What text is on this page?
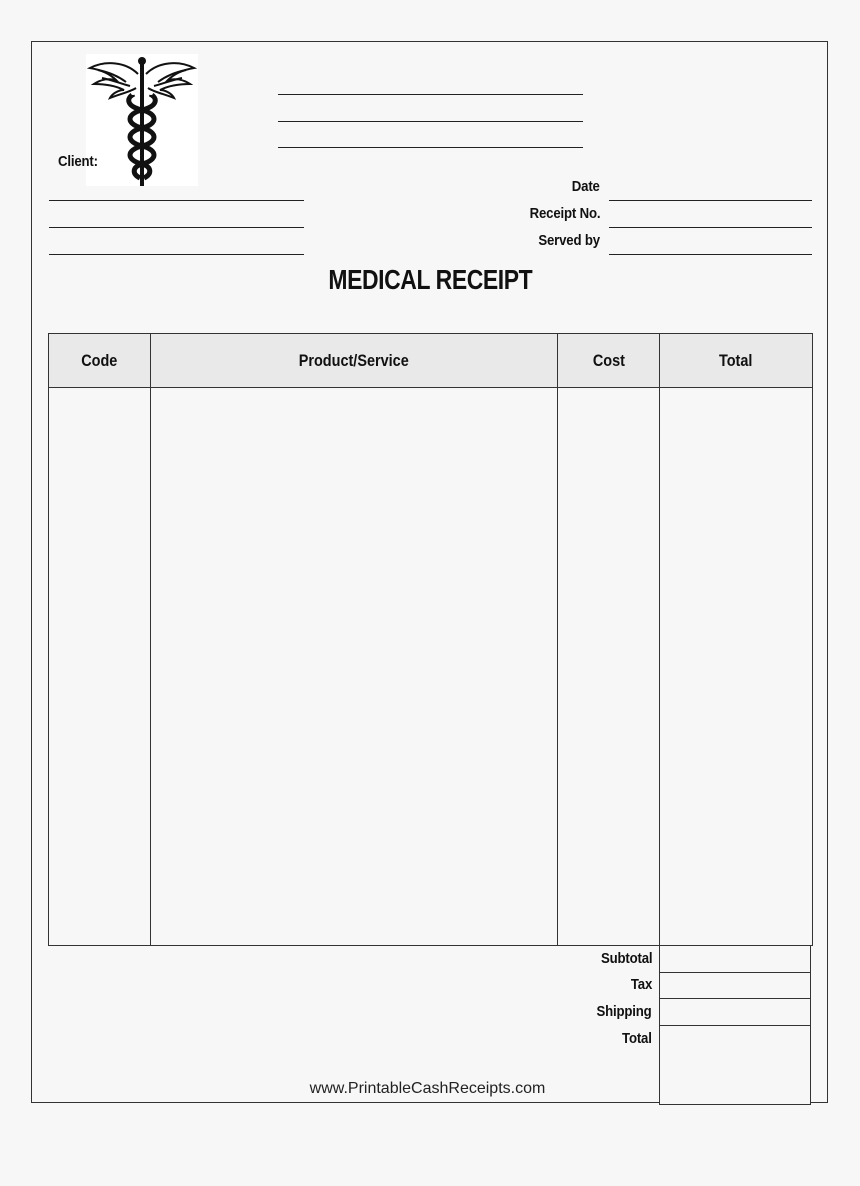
Client:
Date
Receipt No.
Served by
MEDICAL RECEIPT
Code	Product/Service	Cost	Total

Subtotal
Tax
Shipping
Total
www.PrintableCashReceipts.com
